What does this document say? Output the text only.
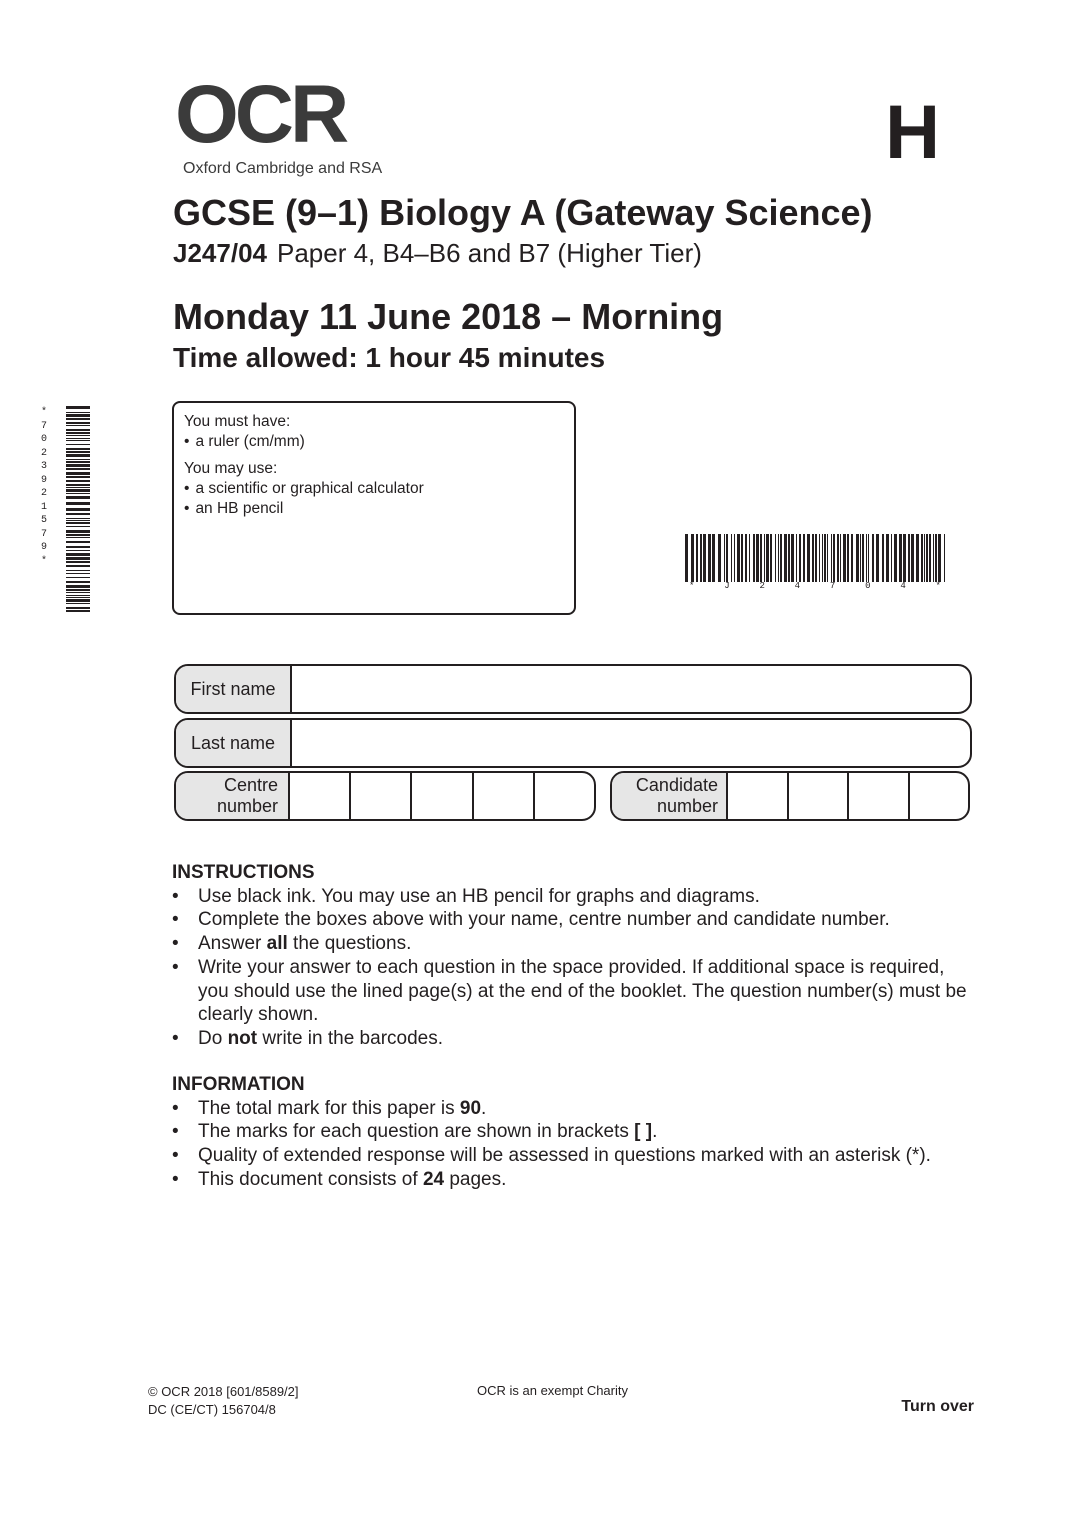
OCR
Oxford Cambridge and RSA	H
GCSE (9–1) Biology A (Gateway Science)
J247/04 Paper 4, B4–B6 and B7 (Higher Tier)
Monday 11 June 2018 – Morning
Time allowed: 1 hour 45 minutes
You must have:
• a ruler (cm/mm)
You may use:
• a scientific or graphical calculator
• an HB pencil
*
7
0
2
3
9
2
1
5
7
9
*
*	J	2	4	7	0	4	*
First name
Last name
Centre
number
Candidate
number
INSTRUCTIONS
• Use black ink. You may use an HB pencil for graphs and diagrams.
• Complete the boxes above with your name, centre number and candidate number.
• Answer all the questions.
• Write your answer to each question in the space provided. If additional space is required, you should use the lined page(s) at the end of the booklet. The question number(s) must be clearly shown.
• Do not write in the barcodes.
INFORMATION
• The total mark for this paper is 90.
• The marks for each question are shown in brackets [ ].
• Quality of extended response will be assessed in questions marked with an asterisk (*).
• This document consists of 24 pages.
© OCR 2018 [601/8589/2]
DC (CE/CT) 156704/8
OCR is an exempt Charity
Turn over
